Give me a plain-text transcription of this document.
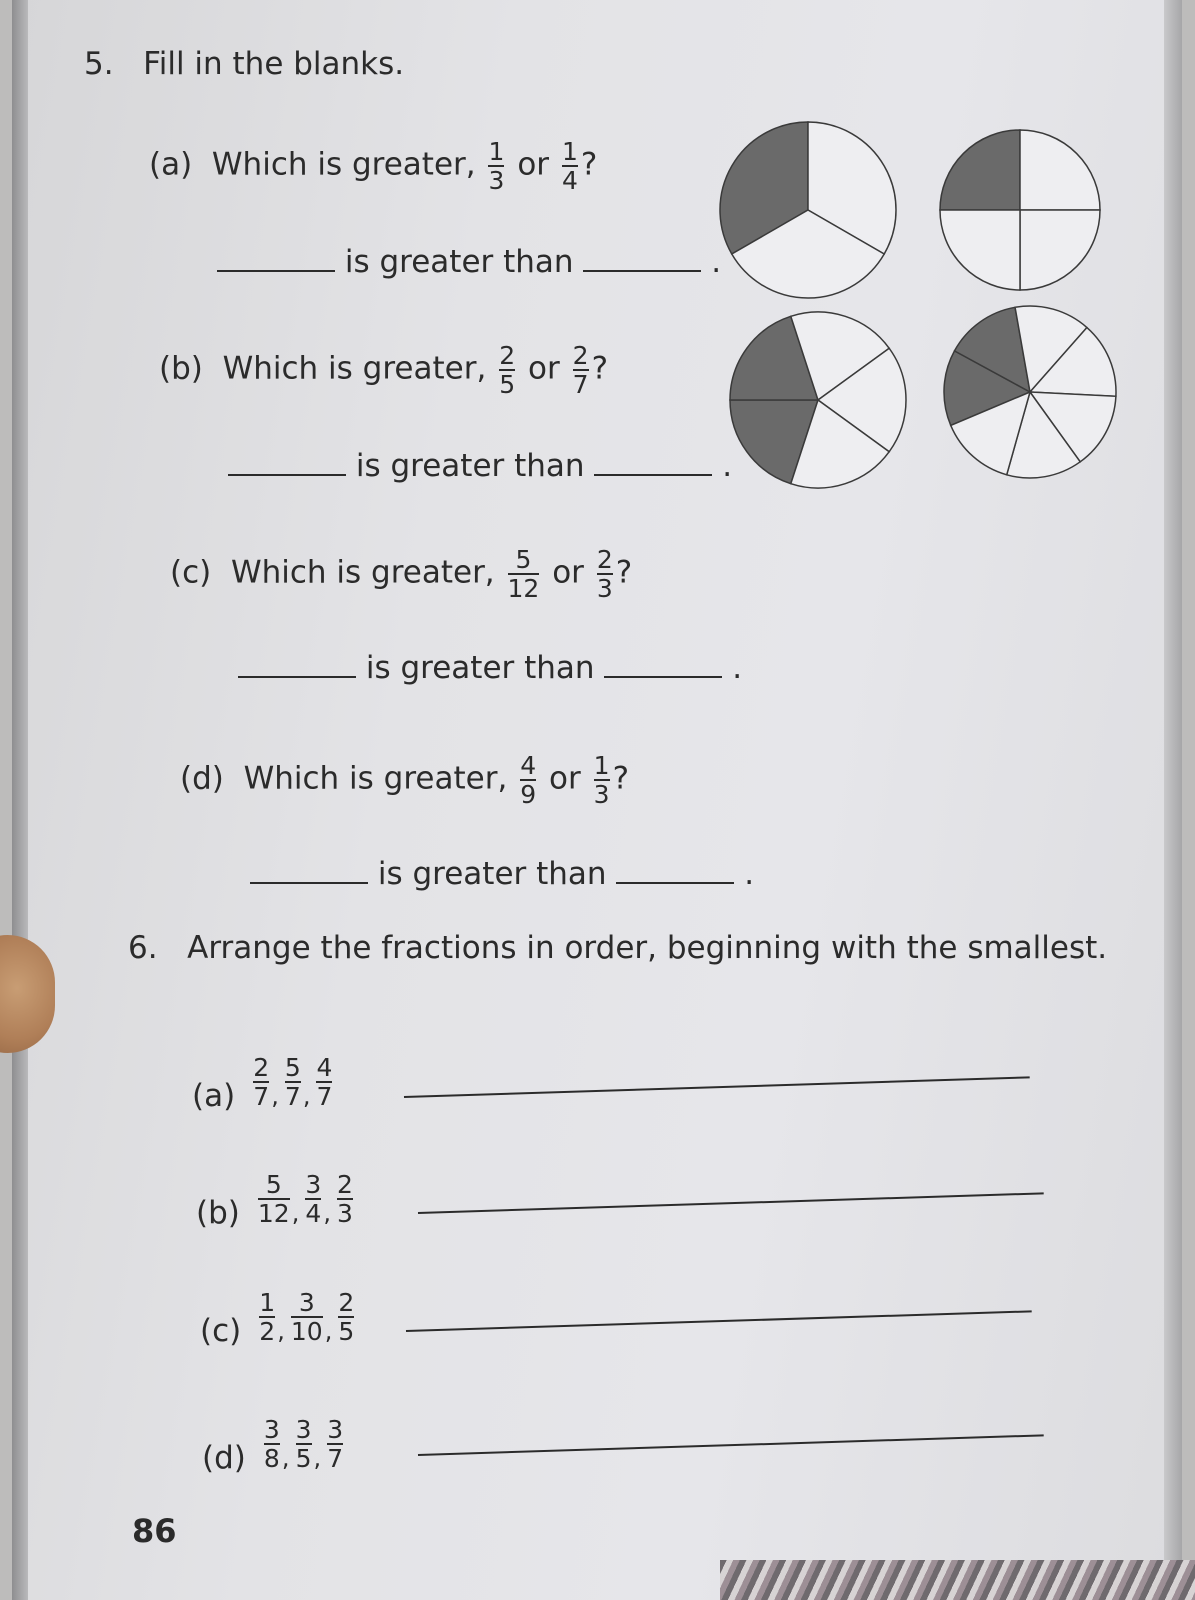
5. Fill in the blanks.
(a) Which is greater, $\frac{1}{3}$ or $\frac{1}{4}$ ?
is greater than	.
(b) Which is greater, $\frac{2}{5}$ or $\frac{2}{7}$ ?
is greater than	.
(c) Which is greater, $\frac{5}{12}$ or $\frac{2}{3}$ ?
is greater than	.
(d) Which is greater, $\frac{4}{9}$ or $\frac{1}{3}$ ?
is greater than	.
6. Arrange the fractions in order, beginning with the smallest.
$(a) \frac{2}{7}$ , $\frac{5}{7}$ , $\frac{4}{7}$
$(b) \frac{5}{12}$ , $\frac{3}{4}$ , $\frac{2}{3}$
$(c) \frac{1}{2}$ , $\frac{3}{10}$ , $\frac{2}{5}$
$(d) \frac{3}{8}$ , $\frac{3}{5}$ , $\frac{3}{7}$
86
